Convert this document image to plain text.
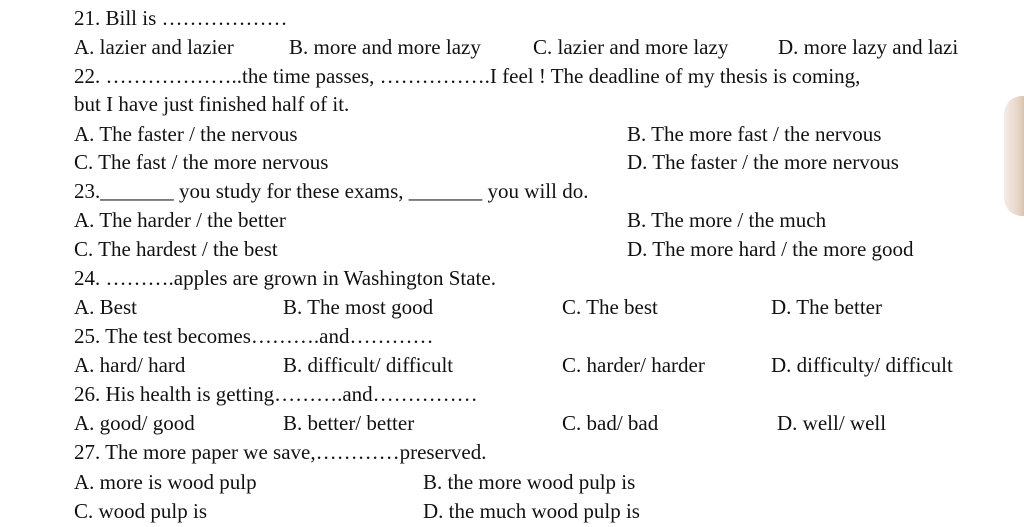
21. Bill is ………………
A. lazier and lazier	B. more and more lazy C. lazier and more lazy D. more lazy and lazi
22. ………………..the time passes, …………….I feel ! The deadline of my thesis is coming,
but I have just finished half of it.
A. The faster / the nervous	B. The more fast / the nervous
C. The fast / the more nervous	D. The faster / the more nervous
23._______ you study for these exams, _______ you will do.
A. The harder / the better	B. The more / the much
C. The hardest / the best	D. The more hard / the more good
24. ……….apples are grown in Washington State.
A. Best	B. The most good	C. The best	D. The better
25. The test becomes……….and…………
A. hard/ hard	B. difficult/ difficult	C. harder/ harder	D. difficulty/ difficult
26. His health is getting……….and……………
A. good/ good	B. better/ better	C. bad/ bad	D. well/ well
27. The more paper we save,…………preserved.
A. more is wood pulp	B. the more wood pulp is
C. wood pulp is	D. the much wood pulp is
